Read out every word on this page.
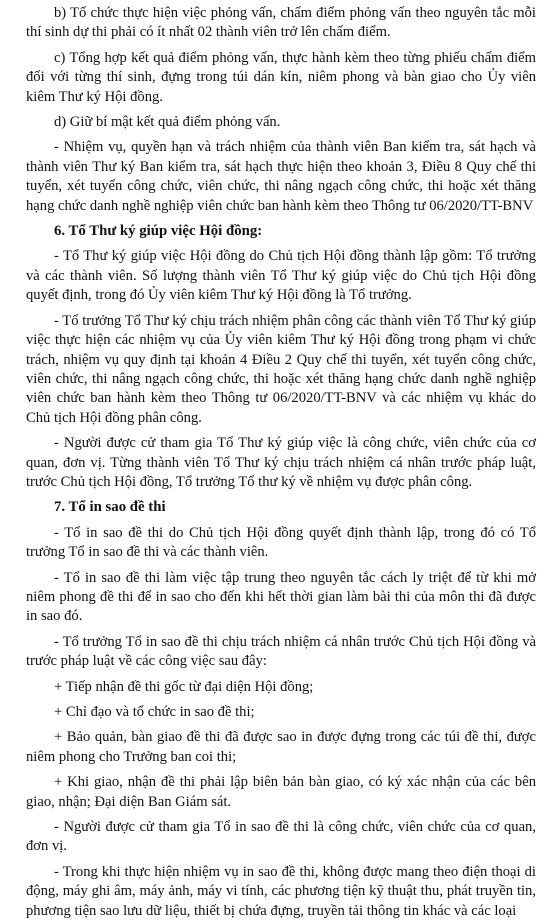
b) Tổ chức thực hiện việc phỏng vấn, chấm điểm phỏng vấn theo nguyên tắc mỗi thí sinh dự thi phải có ít nhất 02 thành viên trở lên chấm điểm.

c) Tổng hợp kết quả điểm phỏng vấn, thực hành kèm theo từng phiếu chấm điểm đối với từng thí sinh, đựng trong túi dán kín, niêm phong và bàn giao cho Ủy viên kiêm Thư ký Hội đồng.

d) Giữ bí mật kết quả điểm phỏng vấn.

- Nhiệm vụ, quyền hạn và trách nhiệm của thành viên Ban kiểm tra, sát hạch và thành viên Thư ký Ban kiểm tra, sát hạch thực hiện theo khoản 3, Điều 8 Quy chế thi tuyển, xét tuyển công chức, viên chức, thi nâng ngạch công chức, thi hoặc xét thăng hạng chức danh nghề nghiệp viên chức ban hành kèm theo Thông tư 06/2020/TT-BNV

6. Tổ Thư ký giúp việc Hội đồng:

- Tổ Thư ký giúp việc Hội đồng do Chủ tịch Hội đồng thành lập gồm: Tổ trưởng và các thành viên. Số lượng thành viên Tổ Thư ký giúp việc do Chủ tịch Hội đồng quyết định, trong đó Ủy viên kiêm Thư ký Hội đồng là Tổ trưởng.

- Tổ trưởng Tổ Thư ký chịu trách nhiệm phân công các thành viên Tổ Thư ký giúp việc thực hiện các nhiệm vụ của Ủy viên kiêm Thư ký Hội đồng trong phạm vi chức trách, nhiệm vụ quy định tại khoản 4 Điều 2 Quy chế thi tuyển, xét tuyển công chức, viên chức, thi nâng ngạch công chức, thi hoặc xét thăng hạng chức danh nghề nghiệp viên chức ban hành kèm theo Thông tư 06/2020/TT-BNV và các nhiệm vụ khác do Chủ tịch Hội đồng phân công.

- Người được cử tham gia Tổ Thư ký giúp việc là công chức, viên chức của cơ quan, đơn vị. Từng thành viên Tổ Thư ký chịu trách nhiệm cá nhân trước pháp luật, trước Chủ tịch Hội đồng, Tổ trưởng Tổ thư ký về nhiệm vụ được phân công.

7. Tổ in sao đề thi

- Tổ in sao đề thi do Chủ tịch Hội đồng quyết định thành lập, trong đó có Tổ trưởng Tổ in sao đề thi và các thành viên.

- Tổ in sao đề thi làm việc tập trung theo nguyên tắc cách ly triệt để từ khi mở niêm phong đề thi để in sao cho đến khi hết thời gian làm bài thi của môn thi đã được in sao đó.

- Tổ trưởng Tổ in sao đề thi chịu trách nhiệm cá nhân trước Chủ tịch Hội đồng và trước pháp luật về các công việc sau đây:

+ Tiếp nhận đề thi gốc từ đại diện Hội đồng;

+ Chỉ đạo và tổ chức in sao đề thi;

+ Bảo quản, bàn giao đề thi đã được sao in được đựng trong các túi đề thi, được niêm phong cho Trưởng ban coi thi;

+ Khi giao, nhận đề thi phải lập biên bản bàn giao, có ký xác nhận của các bên giao, nhận; Đại diện Ban Giám sát.

- Người được cử tham gia Tổ in sao đề thi là công chức, viên chức của cơ quan, đơn vị.

- Trong khi thực hiện nhiệm vụ in sao đề thi, không được mang theo điện thoại di động, máy ghi âm, máy ảnh, máy vi tính, các phương tiện kỹ thuật thu, phát truyền tin, phương tiện sao lưu dữ liệu, thiết bị chứa đựng, truyền tải thông tin khác và các loại
